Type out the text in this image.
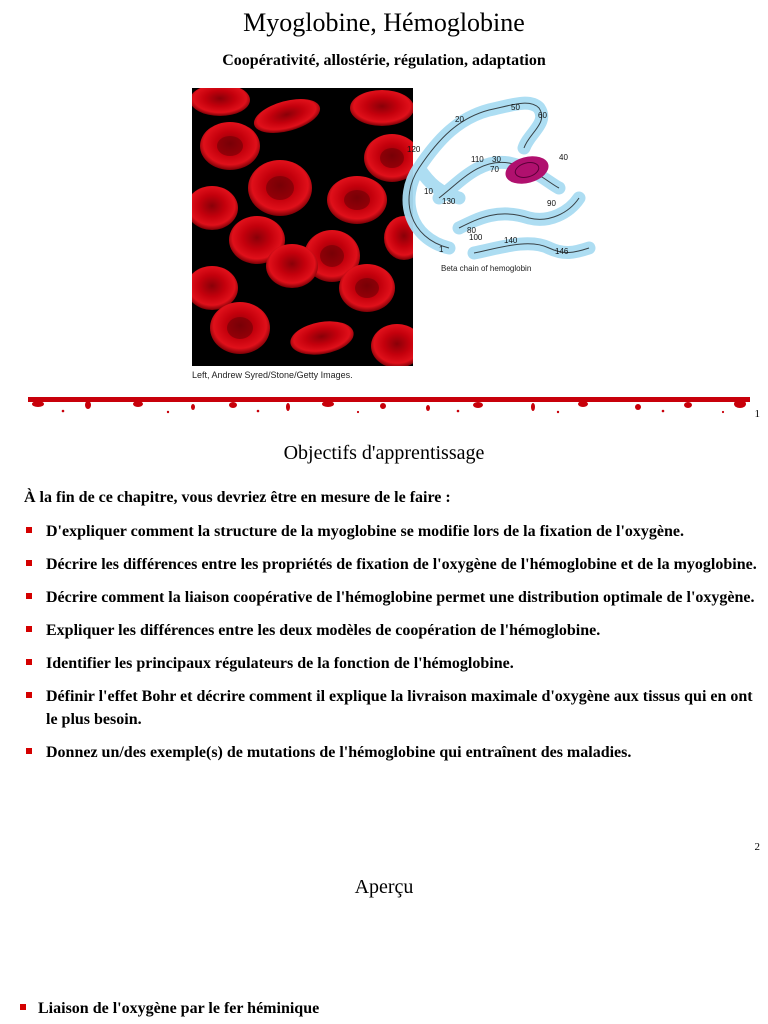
Myoglobine, Hémoglobine
Coopérativité, allostérie, régulation, adaptation
50
60
20
120
110 30
70
40
10
130
80
90
100	140
146
1
Beta chain of hemoglobin
Left, Andrew Syred/Stone/Getty Images.
1
Objectifs d'apprentissage
À la fin de ce chapitre, vous devriez être en mesure de le faire :
D'expliquer comment la structure de la myoglobine se modifie lors de la fixation de l'oxygène.
Décrire les différences entre les propriétés de fixation de l'oxygène de l'hémoglobine et de la myoglobine.
Décrire comment la liaison coopérative de l'hémoglobine permet une distribution optimale de l'oxygène.
Expliquer les différences entre les deux modèles de coopération de l'hémoglobine.
Identifier les principaux régulateurs de la fonction de l'hémoglobine.
Définir l'effet Bohr et décrire comment il explique la livraison maximale d'oxygène aux tissus qui en ont le plus besoin.
Donnez un/des exemple(s) de mutations de l'hémoglobine qui entraînent des maladies.
2
Aperçu
Liaison de l'oxygène par le fer héminique
